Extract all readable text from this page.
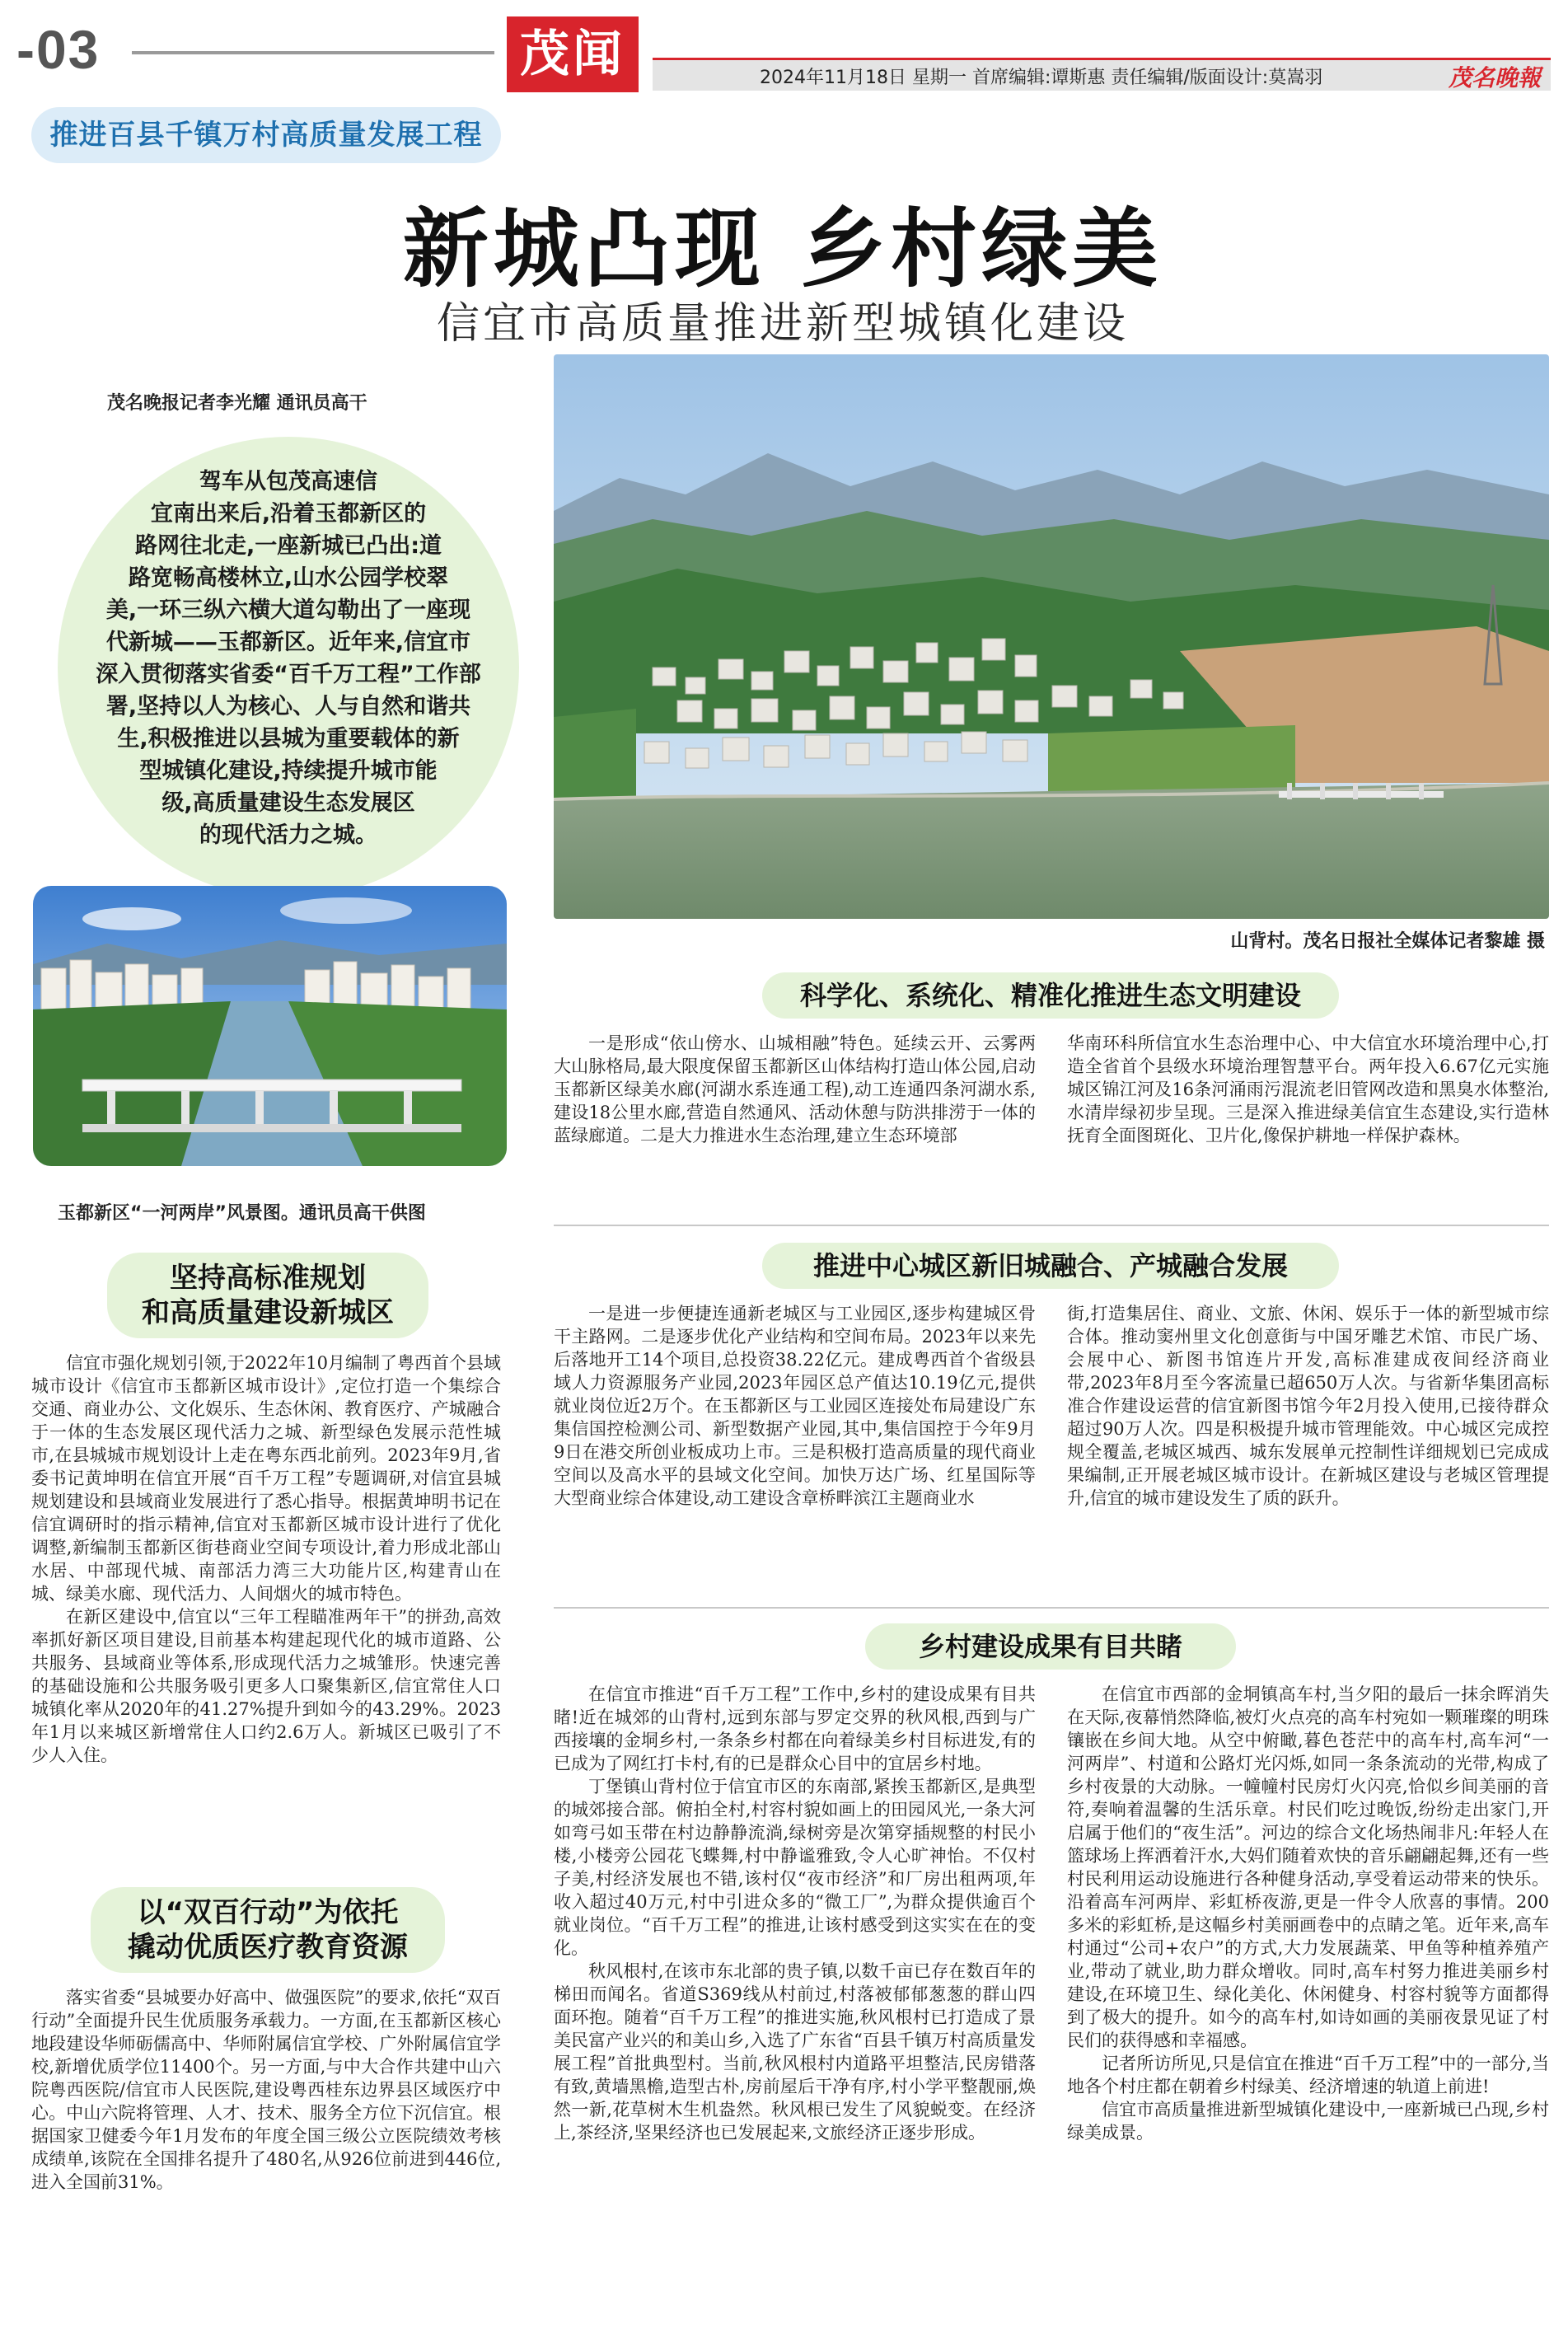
-03	茂闻	2024年11月18日 星期一 首席编辑:谭斯惠 责任编辑/版面设计:莫嵩羽	茂名晚報
推进百县千镇万村高质量发展工程
新城凸现 乡村绿美
信宜市高质量推进新型城镇化建设
茂名晚报记者李光耀 通讯员高干
驾车从包茂高速信
宜南出来后,沿着玉都新区的
路网往北走,一座新城已凸出:道
路宽畅高楼林立,山水公园学校翠
美,一环三纵六横大道勾勒出了一座现
代新城——玉都新区。近年来,信宜市
深入贯彻落实省委“百千万工程”工作部
署,坚持以人为核心、人与自然和谐共
生,积极推进以县城为重要载体的新
型城镇化建设,持续提升城市能
级,高质量建设生态发展区
的现代活力之城。
山背村。茂名日报社全媒体记者黎雄 摄
玉都新区“一河两岸”风景图。通讯员高干供图
坚持高标准规划
和高质量建设新城区

信宜市强化规划引领,于2022年10月编制了粤西首个县域城市设计《信宜市玉都新区城市设计》,定位打造一个集综合交通、商业办公、文化娱乐、生态休闲、教育医疗、产城融合于一体的生态发展区现代活力之城、新型绿色发展示范性城市,在县城城市规划设计上走在粤东西北前列。2023年9月,省委书记黄坤明在信宜开展“百千万工程”专题调研,对信宜县城规划建设和县域商业发展进行了悉心指导。根据黄坤明书记在信宜调研时的指示精神,信宜对玉都新区城市设计进行了优化调整,新编制玉都新区街巷商业空间专项设计,着力形成北部山水居、中部现代城、南部活力湾三大功能片区,构建青山在城、绿美水廊、现代活力、人间烟火的城市特色。

在新区建设中,信宜以“三年工程瞄准两年干”的拼劲,高效率抓好新区项目建设,目前基本构建起现代化的城市道路、公共服务、县域商业等体系,形成现代活力之城雏形。快速完善的基础设施和公共服务吸引更多人口聚集新区,信宜常住人口城镇化率从2020年的41.27%提升到如今的43.29%。2023年1月以来城区新增常住人口约2.6万人。新城区已吸引了不少人入住。

以“双百行动”为依托
撬动优质医疗教育资源

落实省委“县城要办好高中、做强医院”的要求,依托“双百行动”全面提升民生优质服务承载力。一方面,在玉都新区核心地段建设华师砺儒高中、华师附属信宜学校、广外附属信宜学校,新增优质学位11400个。另一方面,与中大合作共建中山六院粤西医院/信宜市人民医院,建设粤西桂东边界县区域医疗中心。中山六院将管理、人才、技术、服务全方位下沉信宜。根据国家卫健委今年1月发布的年度全国三级公立医院绩效考核成绩单,该院在全国排名提升了480名,从926位前进到446位,进入全国前31%。

科学化、系统化、精准化推进生态文明建设

一是形成“依山傍水、山城相融”特色。延续云开、云雾两大山脉格局,最大限度保留玉都新区山体结构打造山体公园,启动玉都新区绿美水廊(河湖水系连通工程),动工连通四条河湖水系,建设18公里水廊,营造自然通风、活动休憩与防洪排涝于一体的蓝绿廊道。二是大力推进水生态治理,建立生态环境部

华南环科所信宜水生态治理中心、中大信宜水环境治理中心,打造全省首个县级水环境治理智慧平台。两年投入6.67亿元实施城区锦江河及16条河涌雨污混流老旧管网改造和黑臭水体整治,水清岸绿初步呈现。三是深入推进绿美信宜生态建设,实行造林抚育全面图斑化、卫片化,像保护耕地一样保护森林。

推进中心城区新旧城融合、产城融合发展

一是进一步便捷连通新老城区与工业园区,逐步构建城区骨干主路网。二是逐步优化产业结构和空间布局。2023年以来先后落地开工14个项目,总投资38.22亿元。建成粤西首个省级县域人力资源服务产业园,2023年园区总产值达10.19亿元,提供就业岗位近2万个。在玉都新区与工业园区连接处布局建设广东集信国控检测公司、新型数据产业园,其中,集信国控于今年9月9日在港交所创业板成功上市。三是积极打造高质量的现代商业空间以及高水平的县域文化空间。加快万达广场、红星国际等大型商业综合体建设,动工建设含章桥畔滨江主题商业水

街,打造集居住、商业、文旅、休闲、娱乐于一体的新型城市综合体。推动窦州里文化创意街与中国牙雕艺术馆、市民广场、会展中心、新图书馆连片开发,高标准建成夜间经济商业带,2023年8月至今客流量已超650万人次。与省新华集团高标准合作建设运营的信宜新图书馆今年2月投入使用,已接待群众超过90万人次。四是积极提升城市管理能效。中心城区完成控规全覆盖,老城区城西、城东发展单元控制性详细规划已完成成果编制,正开展老城区城市设计。在新城区建设与老城区管理提升,信宜的城市建设发生了质的跃升。

乡村建设成果有目共睹

在信宜市推进“百千万工程”工作中,乡村的建设成果有目共睹!近在城郊的山背村,远到东部与罗定交界的秋风根,西到与广西接壤的金垌乡村,一条条乡村都在向着绿美乡村目标进发,有的已成为了网红打卡村,有的已是群众心目中的宜居乡村地。

丁堡镇山背村位于信宜市区的东南部,紧挨玉都新区,是典型的城郊接合部。俯拍全村,村容村貌如画上的田园风光,一条大河如弯弓如玉带在村边静静流淌,绿树旁是次第穿插规整的村民小楼,小楼旁公园花飞蝶舞,村中静谧雅致,令人心旷神怡。不仅村子美,村经济发展也不错,该村仅“夜市经济”和厂房出租两项,年收入超过40万元,村中引进众多的“微工厂”,为群众提供逾百个就业岗位。“百千万工程”的推进,让该村感受到这实实在在的变化。

秋风根村,在该市东北部的贵子镇,以数千亩已存在数百年的梯田而闻名。省道S369线从村前过,村落被郁郁葱葱的群山四面环抱。随着“百千万工程”的推进实施,秋风根村已打造成了景美民富产业兴的和美山乡,入选了广东省“百县千镇万村高质量发展工程”首批典型村。当前,秋风根村内道路平坦整洁,民房错落有致,黄墙黑檐,造型古朴,房前屋后干净有序,村小学平整靓丽,焕然一新,花草树木生机盎然。秋风根已发生了风貌蜕变。在经济上,茶经济,坚果经济也已发展起来,文旅经济正逐步形成。

在信宜市西部的金垌镇高车村,当夕阳的最后一抹余晖消失在天际,夜幕悄然降临,被灯火点亮的高车村宛如一颗璀璨的明珠镶嵌在乡间大地。从空中俯瞰,暮色苍茫中的高车村,高车河“一河两岸”、村道和公路灯光闪烁,如同一条条流动的光带,构成了乡村夜景的大动脉。一幢幢村民房灯火闪亮,恰似乡间美丽的音符,奏响着温馨的生活乐章。村民们吃过晚饭,纷纷走出家门,开启属于他们的“夜生活”。河边的综合文化场热闹非凡:年轻人在篮球场上挥洒着汗水,大妈们随着欢快的音乐翩翩起舞,还有一些村民利用运动设施进行各种健身活动,享受着运动带来的快乐。沿着高车河两岸、彩虹桥夜游,更是一件令人欣喜的事情。200多米的彩虹桥,是这幅乡村美丽画卷中的点睛之笔。近年来,高车村通过“公司+农户”的方式,大力发展蔬菜、甲鱼等种植养殖产业,带动了就业,助力群众增收。同时,高车村努力推进美丽乡村建设,在环境卫生、绿化美化、休闲健身、村容村貌等方面都得到了极大的提升。如今的高车村,如诗如画的美丽夜景见证了村民们的获得感和幸福感。

记者所访所见,只是信宜在推进“百千万工程”中的一部分,当地各个村庄都在朝着乡村绿美、经济增速的轨道上前进!

信宜市高质量推进新型城镇化建设中,一座新城已凸现,乡村绿美成景。
